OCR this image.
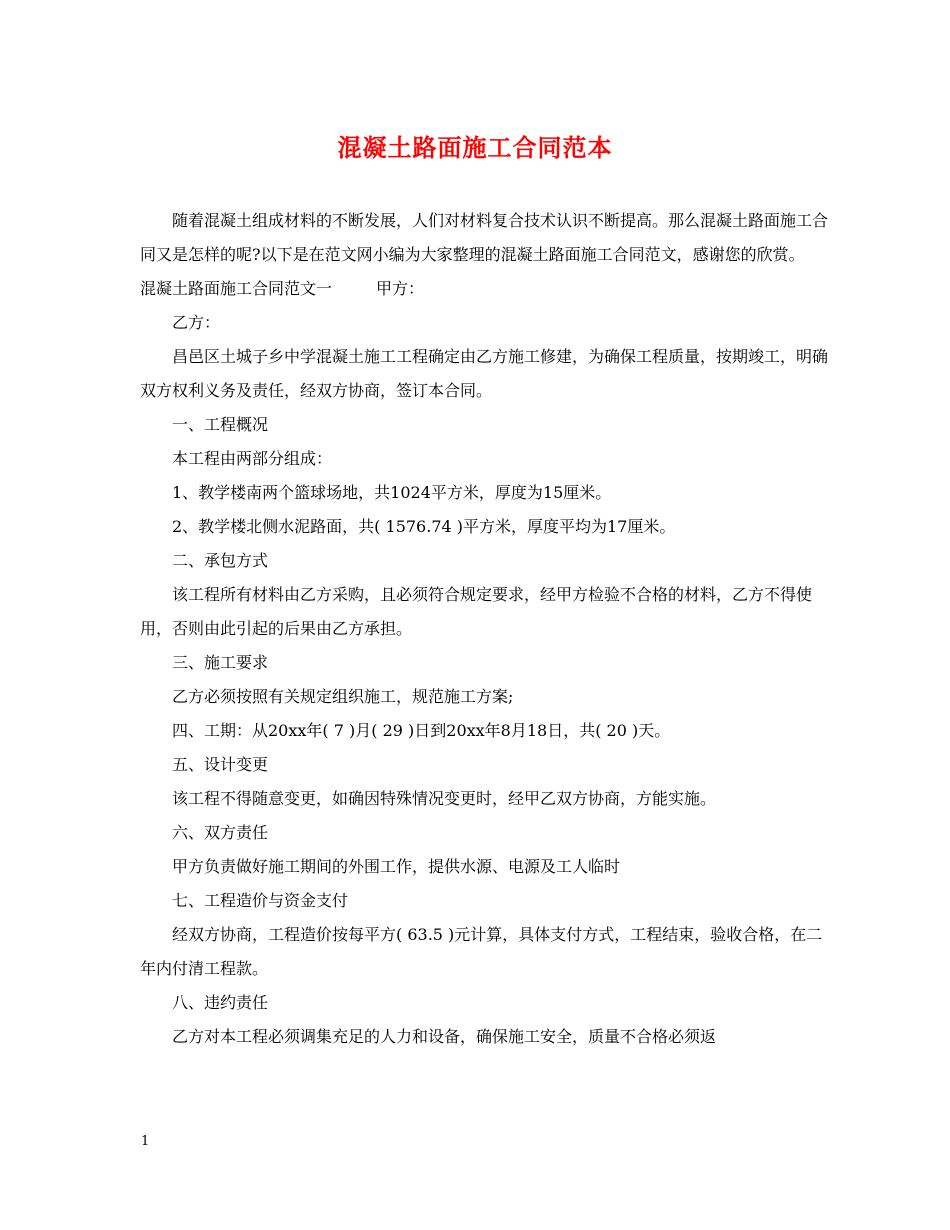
混凝土路面施工合同范本

随着混凝土组成材料的不断发展，人们对材料复合技术认识不断提高。那么混凝土路面施工合同又是怎样的呢?以下是在范文网小编为大家整理的混凝土路面施工合同范文，感谢您的欣赏。

混凝土路面施工合同范文一	甲方：

乙方：

昌邑区土城子乡中学混凝土施工工程确定由乙方施工修建，为确保工程质量，按期竣工，明确双方权利义务及责任，经双方协商，签订本合同。

一、工程概况

本工程由两部分组成：

1、教学楼南两个篮球场地，共1024平方米，厚度为15厘米。

2、教学楼北侧水泥路面，共( 1576.74 )平方米，厚度平均为17厘米。

二、承包方式

该工程所有材料由乙方采购，且必须符合规定要求，经甲方检验不合格的材料，乙方不得使用，否则由此引起的后果由乙方承担。

三、施工要求

乙方必须按照有关规定组织施工，规范施工方案;

四、工期：从20xx年( 7 )月( 29 )日到20xx年8月18日，共( 20 )天。

五、设计变更

该工程不得随意变更，如确因特殊情况变更时，经甲乙双方协商，方能实施。

六、双方责任

甲方负责做好施工期间的外围工作，提供水源、电源及工人临时

七、工程造价与资金支付

经双方协商，工程造价按每平方( 63.5 )元计算，具体支付方式，工程结束，验收合格，在二年内付清工程款。

八、违约责任

乙方对本工程必须调集充足的人力和设备，确保施工安全，质量不合格必须返

1
